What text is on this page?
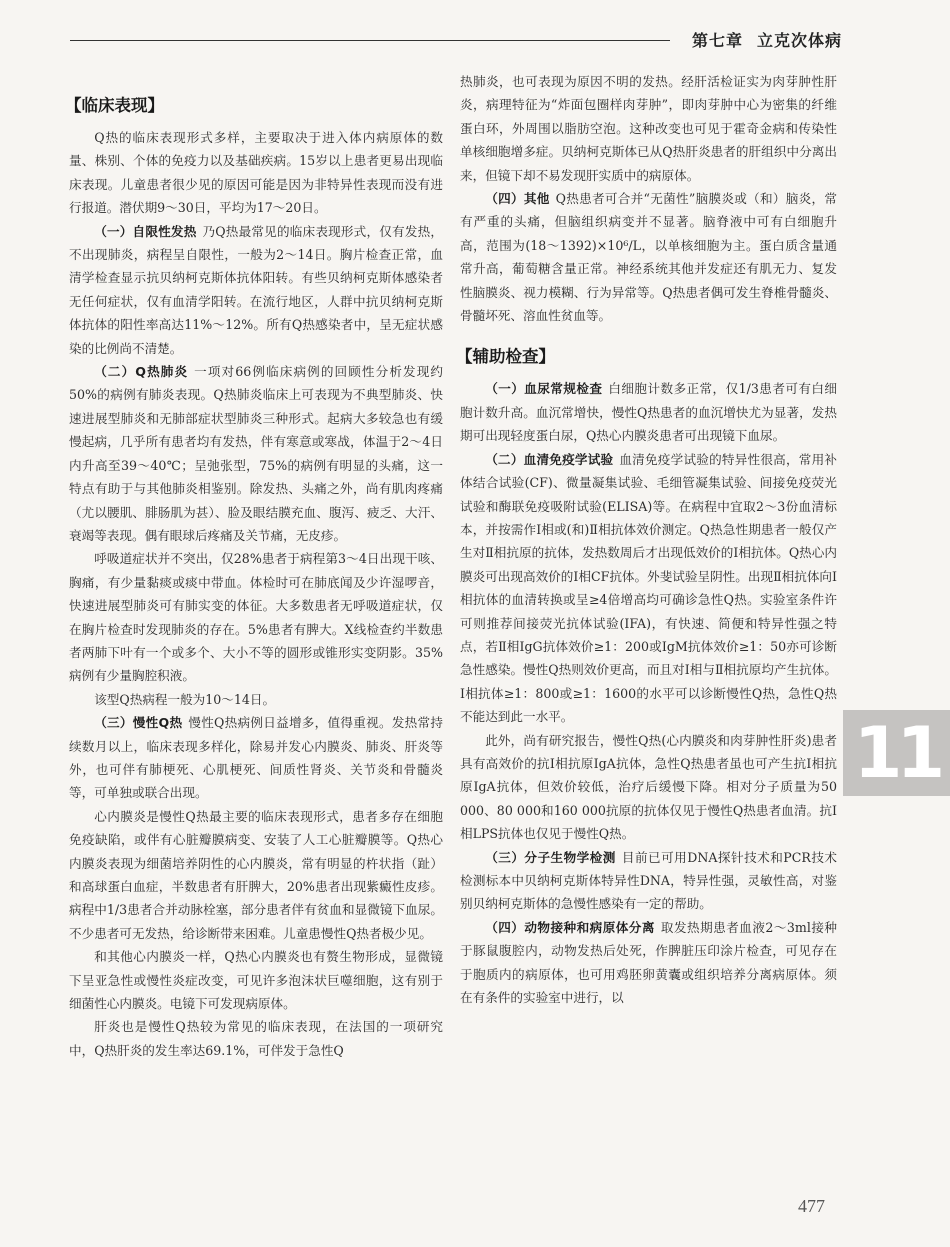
第七章 立克次体病
【临床表现】

Q热的临床表现形式多样，主要取决于进入体内病原体的数量、株别、个体的免疫力以及基础疾病。15岁以上患者更易出现临床表现。儿童患者很少见的原因可能是因为非特异性表现而没有进行报道。潜伏期9～30日，平均为17～20日。

（一）自限性发热 乃Q热最常见的临床表现形式，仅有发热，不出现肺炎，病程呈自限性，一般为2～14日。胸片检查正常，血清学检查显示抗贝纳柯克斯体抗体阳转。有些贝纳柯克斯体感染者无任何症状，仅有血清学阳转。在流行地区，人群中抗贝纳柯克斯体抗体的阳性率高达11%～12%。所有Q热感染者中，呈无症状感染的比例尚不清楚。

（二）Q热肺炎 一项对66例临床病例的回顾性分析发现约50%的病例有肺炎表现。Q热肺炎临床上可表现为不典型肺炎、快速进展型肺炎和无肺部症状型肺炎三种形式。起病大多较急也有缓慢起病，几乎所有患者均有发热，伴有寒意或寒战，体温于2～4日内升高至39～40℃；呈弛张型，75%的病例有明显的头痛，这一特点有助于与其他肺炎相鉴别。除发热、头痛之外，尚有肌肉疼痛（尤以腰肌、腓肠肌为甚）、脸及眼结膜充血、腹泻、疲乏、大汗、衰竭等表现。偶有眼球后疼痛及关节痛，无皮疹。

呼吸道症状并不突出，仅28%患者于病程第3～4日出现干咳、胸痛，有少量黏痰或痰中带血。体检时可在肺底闻及少许湿啰音，快速进展型肺炎可有肺实变的体征。大多数患者无呼吸道症状，仅在胸片检查时发现肺炎的存在。5%患者有脾大。X线检查约半数患者两肺下叶有一个或多个、大小不等的圆形或锥形实变阴影。35%病例有少量胸腔积液。

该型Q热病程一般为10～14日。

（三）慢性Q热 慢性Q热病例日益增多，值得重视。发热常持续数月以上，临床表现多样化，除易并发心内膜炎、肺炎、肝炎等外，也可伴有肺梗死、心肌梗死、间质性肾炎、关节炎和骨髓炎等，可单独或联合出现。

心内膜炎是慢性Q热最主要的临床表现形式，患者多存在细胞免疫缺陷，或伴有心脏瓣膜病变、安装了人工心脏瓣膜等。Q热心内膜炎表现为细菌培养阴性的心内膜炎，常有明显的杵状指（趾）和高球蛋白血症，半数患者有肝脾大，20%患者出现紫癜性皮疹。病程中1/3患者合并动脉栓塞，部分患者伴有贫血和显微镜下血尿。不少患者可无发热，给诊断带来困难。儿童患慢性Q热者极少见。

和其他心内膜炎一样，Q热心内膜炎也有赘生物形成，显微镜下呈亚急性或慢性炎症改变，可见许多泡沫状巨噬细胞，这有别于细菌性心内膜炎。电镜下可发现病原体。

肝炎也是慢性Q热较为常见的临床表现，在法国的一项研究中，Q热肝炎的发生率达69.1%，可伴发于急性Q

热肺炎，也可表现为原因不明的发热。经肝活检证实为肉芽肿性肝炎，病理特征为“炸面包圈样肉芽肿”，即肉芽肿中心为密集的纤维蛋白环，外周围以脂肪空泡。这种改变也可见于霍奇金病和传染性单核细胞增多症。贝纳柯克斯体已从Q热肝炎患者的肝组织中分离出来，但镜下却不易发现肝实质中的病原体。

（四）其他 Q热患者可合并“无菌性”脑膜炎或（和）脑炎，常有严重的头痛，但脑组织病变并不显著。脑脊液中可有白细胞升高，范围为(18～1392)×10⁶/L，以单核细胞为主。蛋白质含量通常升高，葡萄糖含量正常。神经系统其他并发症还有肌无力、复发性脑膜炎、视力模糊、行为异常等。Q热患者偶可发生脊椎骨髓炎、骨髓坏死、溶血性贫血等。

【辅助检查】

（一）血尿常规检查 白细胞计数多正常，仅1/3患者可有白细胞计数升高。血沉常增快，慢性Q热患者的血沉增快尤为显著，发热期可出现轻度蛋白尿，Q热心内膜炎患者可出现镜下血尿。

（二）血清免疫学试验 血清免疫学试验的特异性很高，常用补体结合试验(CF)、微量凝集试验、毛细管凝集试验、间接免疫荧光试验和酶联免疫吸附试验(ELISA)等。在病程中宜取2～3份血清标本，并按需作Ⅰ相或(和)Ⅱ相抗体效价测定。Q热急性期患者一般仅产生对Ⅱ相抗原的抗体，发热数周后才出现低效价的Ⅰ相抗体。Q热心内膜炎可出现高效价的Ⅰ相CF抗体。外斐试验呈阴性。出现Ⅱ相抗体向Ⅰ相抗体的血清转换或呈≥4倍增高均可确诊急性Q热。实验室条件许可则推荐间接荧光抗体试验(IFA)，有快速、简便和特异性强之特点，若Ⅱ相IgG抗体效价≥1：200或IgM抗体效价≥1：50亦可诊断急性感染。慢性Q热则效价更高，而且对Ⅰ相与Ⅱ相抗原均产生抗体。Ⅰ相抗体≥1：800或≥1：1600的水平可以诊断慢性Q热，急性Q热不能达到此一水平。

此外，尚有研究报告，慢性Q热(心内膜炎和肉芽肿性肝炎)患者具有高效价的抗Ⅰ相抗原IgA抗体，急性Q热患者虽也可产生抗Ⅰ相抗原IgA抗体，但效价较低，治疗后缓慢下降。相对分子质量为50 000、80 000和160 000抗原的抗体仅见于慢性Q热患者血清。抗Ⅰ相LPS抗体也仅见于慢性Q热。

（三）分子生物学检测 目前已可用DNA探针技术和PCR技术检测标本中贝纳柯克斯体特异性DNA，特异性强，灵敏性高，对鉴别贝纳柯克斯体的急慢性感染有一定的帮助。

（四）动物接种和病原体分离 取发热期患者血液2～3ml接种于豚鼠腹腔内，动物发热后处死，作脾脏压印涂片检查，可见存在于胞质内的病原体，也可用鸡胚卵黄囊或组织培养分离病原体。须在有条件的实验室中进行，以

11
477
